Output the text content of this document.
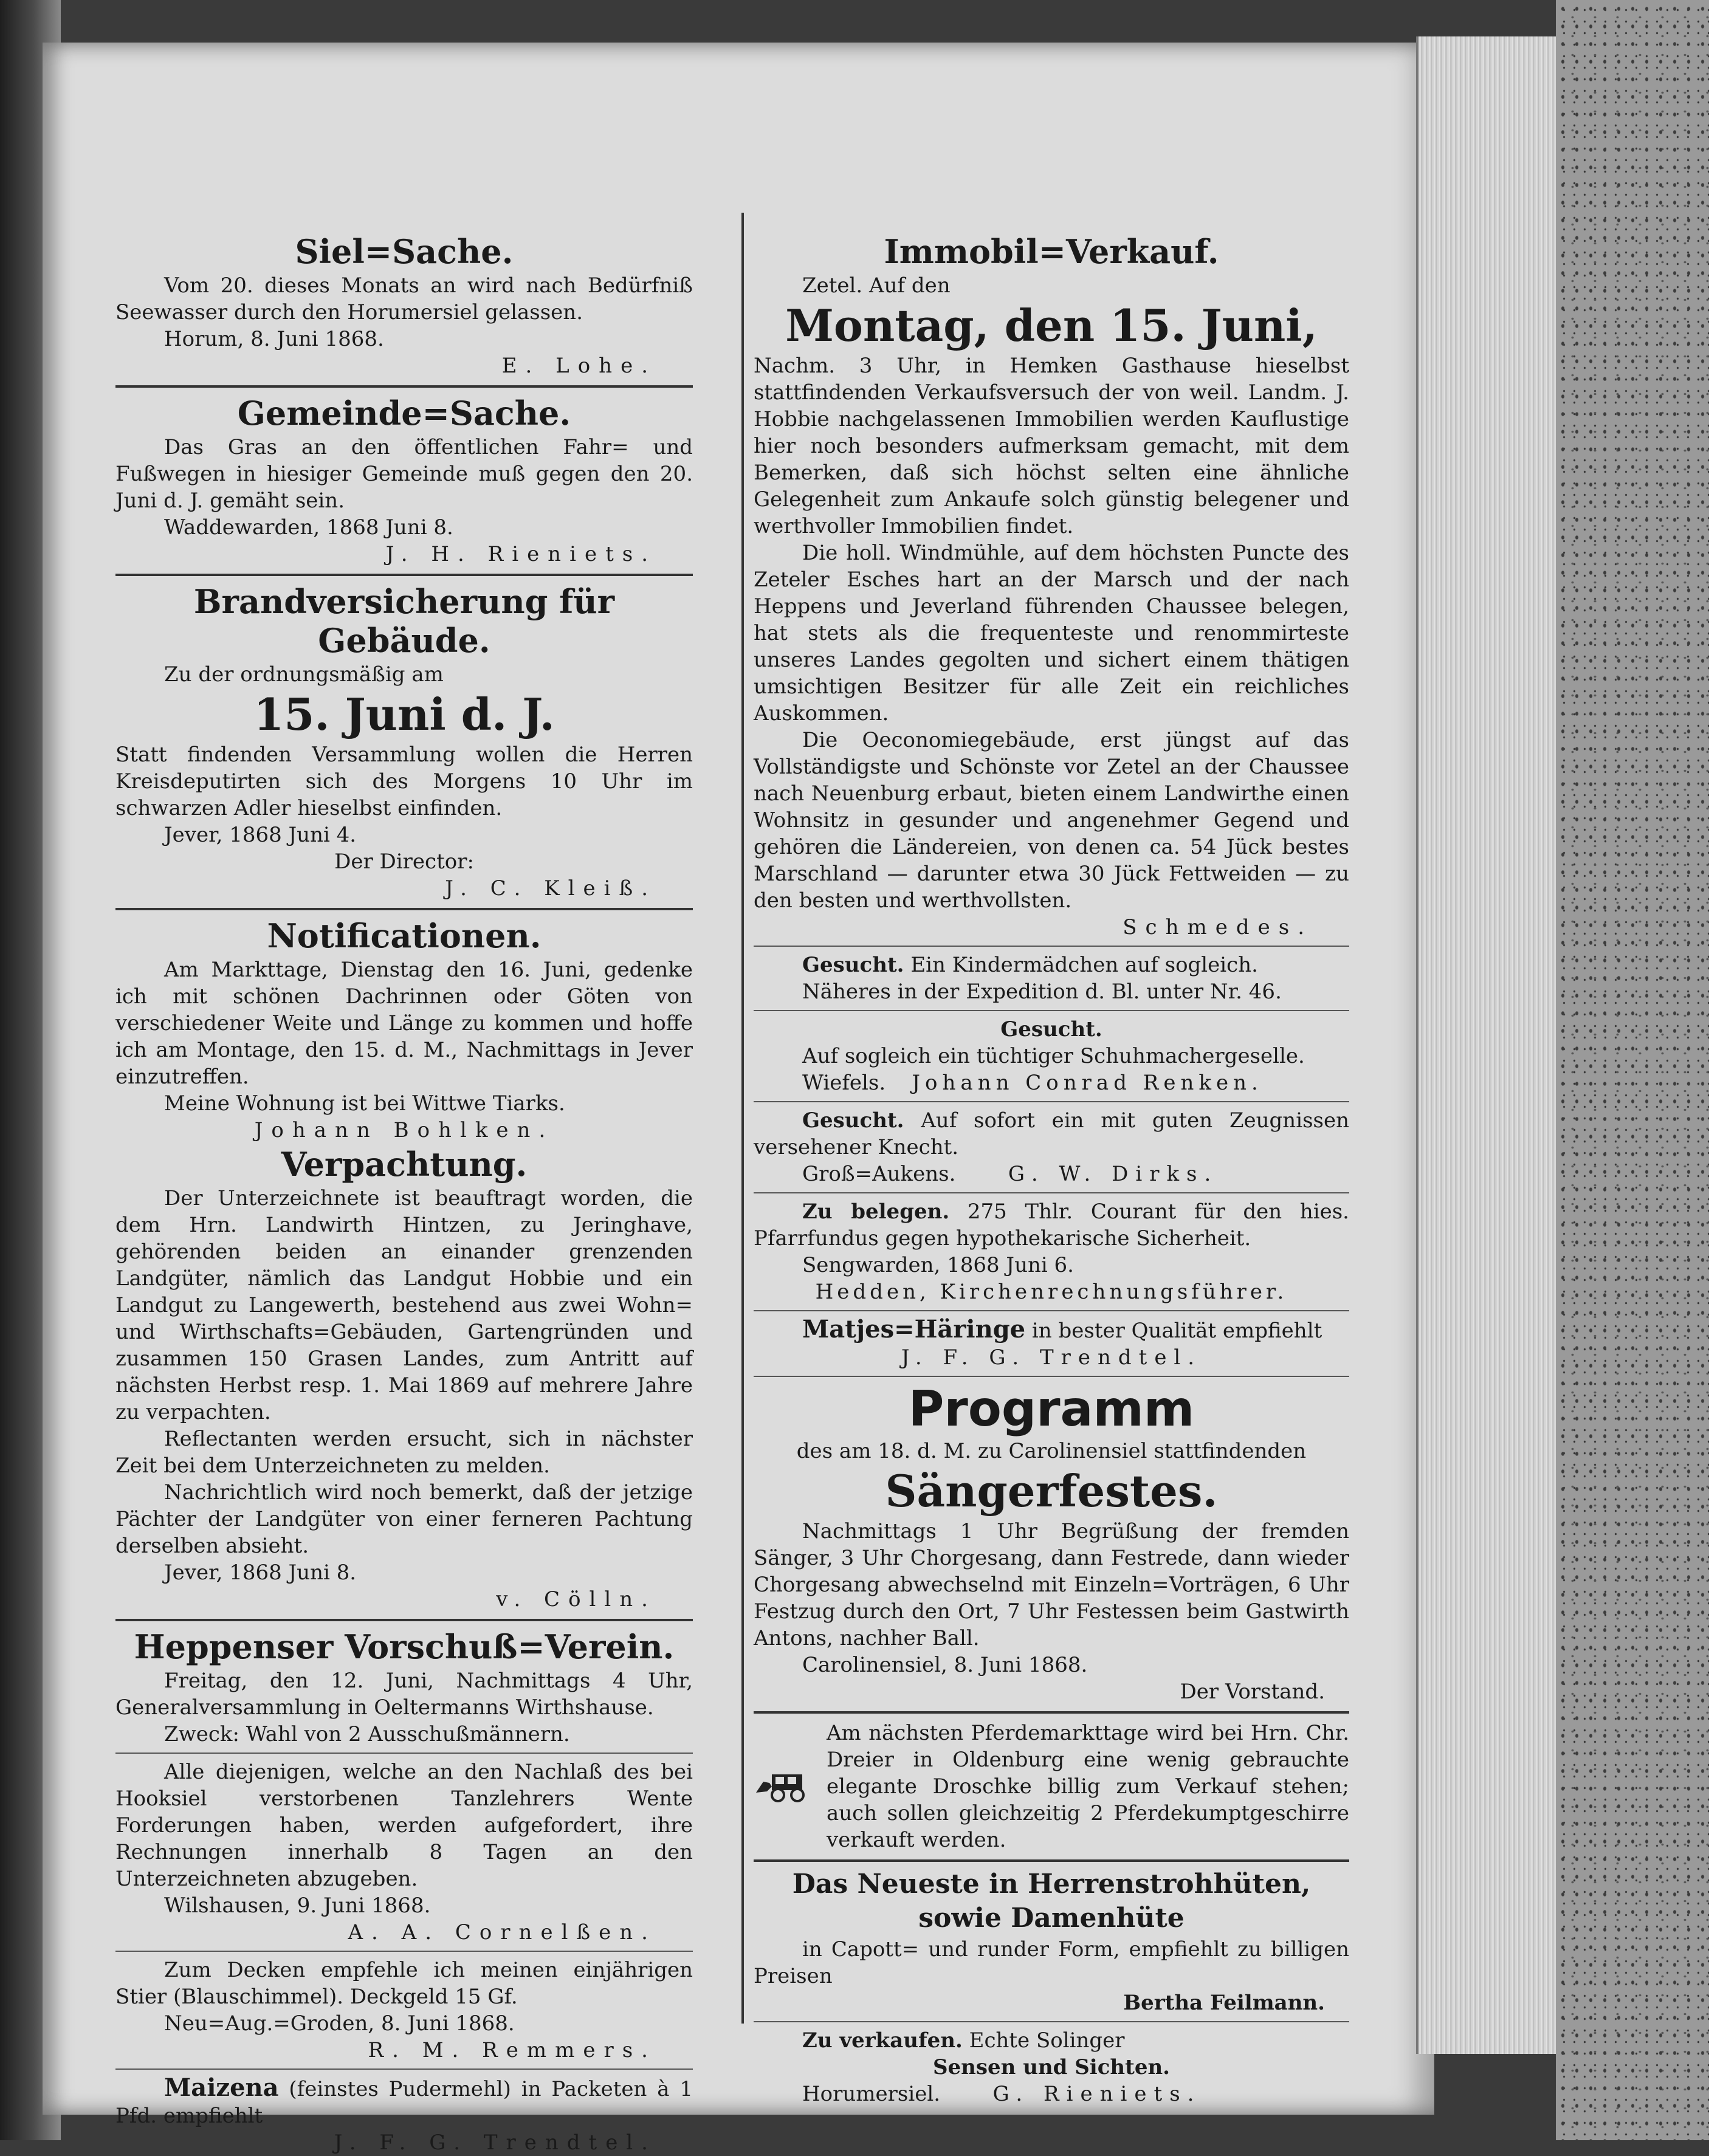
Siel=Sache.

Vom 20. dieses Monats an wird nach Bedürfniß Seewasser durch den Horumersiel gelassen.

Horum, 8. Juni 1868.

E. Lohe.

Gemeinde=Sache.

Das Gras an den öffentlichen Fahr= und Fußwegen in hiesiger Gemeinde muß gegen den 20. Juni d. J. gemäht sein.

Waddewarden, 1868 Juni 8.

J. H. Rieniets.

Brandversicherung für Gebäude.

Zu der ordnungsmäßig am

15. Juni d. J.

Statt findenden Versammlung wollen die Herren Kreisdeputirten sich des Morgens 10 Uhr im schwarzen Adler hieselbst einfinden.

Jever, 1868 Juni 4.

Der Director:

J. C. Kleiß.

Notificationen.

Am Markttage, Dienstag den 16. Juni, gedenke ich mit schönen Dachrinnen oder Göten von verschiedener Weite und Länge zu kommen und hoffe ich am Montage, den 15. d. M., Nachmittags in Jever einzutreffen.

Meine Wohnung ist bei Wittwe Tiarks.

Johann Bohlken.

Verpachtung.

Der Unterzeichnete ist beauftragt worden, die dem Hrn. Landwirth Hintzen, zu Jeringhave, gehörenden beiden an einander grenzenden Landgüter, nämlich das Landgut Hobbie und ein Landgut zu Langewerth, bestehend aus zwei Wohn= und Wirthschafts=Gebäuden, Gartengründen und zusammen 150 Grasen Landes, zum Antritt auf nächsten Herbst resp. 1. Mai 1869 auf mehrere Jahre zu verpachten.

Reflectanten werden ersucht, sich in nächster Zeit bei dem Unterzeichneten zu melden.

Nachrichtlich wird noch bemerkt, daß der jetzige Pächter der Landgüter von einer ferneren Pachtung derselben absieht.

Jever, 1868 Juni 8.

v. Cölln.

Heppenser Vorschuß=Verein.

Freitag, den 12. Juni, Nachmittags 4 Uhr, Generalversammlung in Oeltermanns Wirthshause.

Zweck: Wahl von 2 Ausschußmännern.

Alle diejenigen, welche an den Nachlaß des bei Hooksiel verstorbenen Tanzlehrers Wente Forderungen haben, werden aufgefordert, ihre Rechnungen innerhalb 8 Tagen an den Unterzeichneten abzugeben.

Wilshausen, 9. Juni 1868.

A. A. Cornelßen.

Zum Decken empfehle ich meinen einjährigen Stier (Blauschimmel). Deckgeld 15 Gf.

Neu=Aug.=Groden, 8. Juni 1868.

R. M. Remmers.

Maizena (feinstes Pudermehl) in Packeten à 1 Pfd. empfiehlt

J. F. G. Trendtel.

Immobil=Verkauf.

Zetel. Auf den

Montag, den 15. Juni,

Nachm. 3 Uhr, in Hemken Gasthause hieselbst stattfindenden Verkaufsversuch der von weil. Landm. J. Hobbie nachgelassenen Immobilien werden Kauflustige hier noch besonders aufmerksam gemacht, mit dem Bemerken, daß sich höchst selten eine ähnliche Gelegenheit zum Ankaufe solch günstig belegener und werthvoller Immobilien findet.

Die holl. Windmühle, auf dem höchsten Puncte des Zeteler Esches hart an der Marsch und der nach Heppens und Jeverland führenden Chaussee belegen, hat stets als die frequenteste und renommirteste unseres Landes gegolten und sichert einem thätigen umsichtigen Besitzer für alle Zeit ein reichliches Auskommen.

Die Oeconomiegebäude, erst jüngst auf das Vollständigste und Schönste vor Zetel an der Chaussee nach Neuenburg erbaut, bieten einem Landwirthe einen Wohnsitz in gesunder und angenehmer Gegend und gehören die Ländereien, von denen ca. 54 Jück bestes Marschland — darunter etwa 30 Jück Fettweiden — zu den besten und werthvollsten.

Schmedes.

Gesucht. Ein Kindermädchen auf sogleich.

Näheres in der Expedition d. Bl. unter Nr. 46.

Gesucht.

Auf sogleich ein tüchtiger Schuhmachergeselle.

Wiefels. Johann Conrad Renken.

Gesucht. Auf sofort ein mit guten Zeugnissen versehener Knecht.

Groß=Aukens.	G. W. Dirks.

Zu belegen. 275 Thlr. Courant für den hies. Pfarrfundus gegen hypothekarische Sicherheit.

Sengwarden, 1868 Juni 6.

Hedden, Kirchenrechnungsführer.

Matjes=Häringe in bester Qualität empfiehlt

J. F. G. Trendtel.

Programm

des am 18. d. M. zu Carolinensiel stattfindenden

Sängerfestes.

Nachmittags 1 Uhr Begrüßung der fremden Sänger, 3 Uhr Chorgesang, dann Festrede, dann wieder Chorgesang abwechselnd mit Einzeln=Vorträgen, 6 Uhr Festzug durch den Ort, 7 Uhr Festessen beim Gastwirth Antons, nachher Ball.

Carolinensiel, 8. Juni 1868.

Der Vorstand.

Am nächsten Pferdemarkttage wird bei Hrn. Chr. Dreier in Oldenburg eine wenig gebrauchte elegante Droschke billig zum Verkauf stehen; auch sollen gleichzeitig 2 Pferdekumptgeschirre verkauft werden.

Das Neueste in Herrenstrohhüten,
sowie Damenhüte

in Capott= und runder Form, empfiehlt zu billigen Preisen

Bertha Feilmann.

Zu verkaufen. Echte Solinger

Sensen und Sichten.

Horumersiel.	G. Rieniets.
